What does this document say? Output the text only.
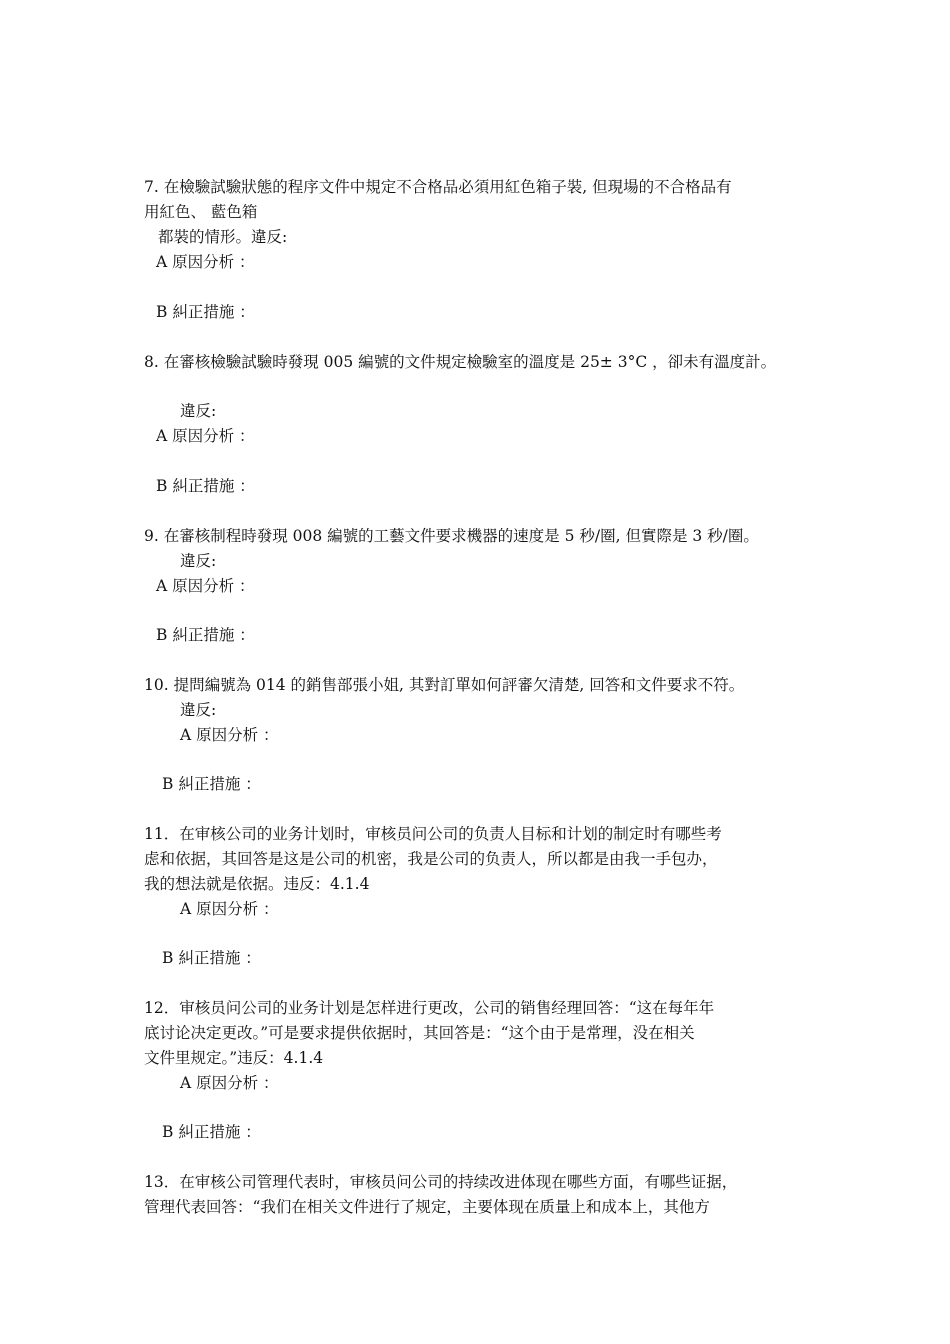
7. 在檢驗試驗狀態的程序文件中規定不合格品必須用紅色箱子裝, 但現場的不合格品有
用紅色、 藍色箱
都裝的情形。違反:
A 原因分析 ：
B 糾正措施 ：
8. 在審核檢驗試驗時發現 005 編號的文件規定檢驗室的溫度是 25± 3°C ，卻未有溫度計。
違反:
A 原因分析 ：
B 糾正措施 ：
9. 在審核制程時發現 008 編號的工藝文件要求機器的速度是 5 秒/圈, 但實際是 3 秒/圈。
違反:
A 原因分析 ：
B 糾正措施 ：
10. 提問編號為 014 的銷售部張小姐, 其對訂單如何評審欠清楚, 回答和文件要求不符。
違反:
A 原因分析 ：
B 糾正措施 ：
11．在审核公司的业务计划时，审核员问公司的负责人目标和计划的制定时有哪些考
虑和依据，其回答是这是公司的机密，我是公司的负责人，所以都是由我一手包办，
我的想法就是依据。违反：4.1.4
A 原因分析 ：
B 糾正措施 ：
12．审核员问公司的业务计划是怎样进行更改，公司的销售经理回答：“这在每年年
底讨论决定更改。”可是要求提供依据时，其回答是：“这个由于是常理，没在相关
文件里规定。”违反：4.1.4
A 原因分析 ：
B 糾正措施 ：
13．在审核公司管理代表时，审核员问公司的持续改进体现在哪些方面，有哪些证据，
管理代表回答：“我们在相关文件进行了规定，主要体现在质量上和成本上，其他方
